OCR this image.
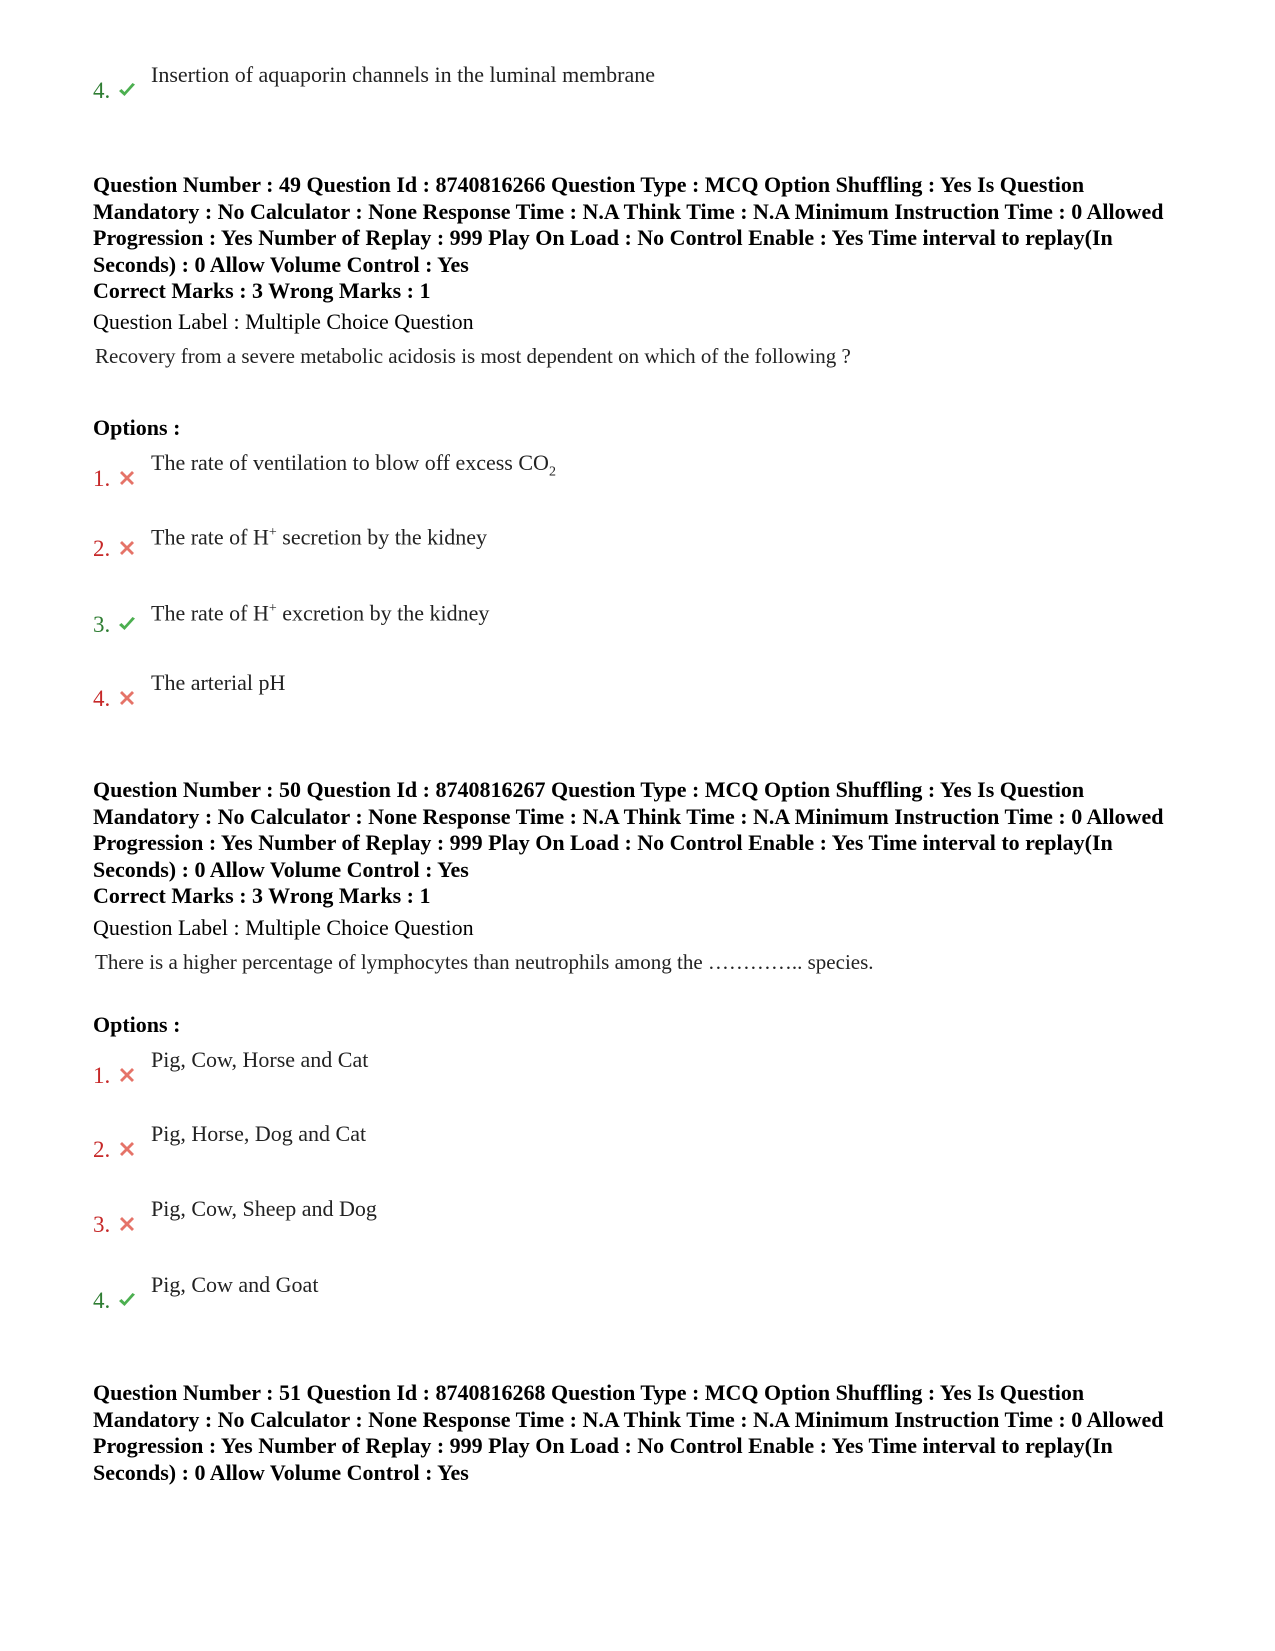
4.
Insertion of aquaporin channels in the luminal membrane
Question Number : 49 Question Id : 8740816266 Question Type : MCQ Option Shuffling : Yes Is Question Mandatory : No Calculator : None Response Time : N.A Think Time : N.A Minimum Instruction Time : 0 Allowed Progression : Yes Number of Replay : 999 Play On Load : No Control Enable : Yes Time interval to replay(In Seconds) : 0 Allow Volume Control : Yes
Correct Marks : 3 Wrong Marks : 1
Question Label : Multiple Choice Question
Recovery from a severe metabolic acidosis is most dependent on which of the following ?
Options :
1.
The rate of ventilation to blow off excess $CO_2$
2. The rate of H+ secretion by the kidney
3. The rate of H+ excretion by the kidney
4.
The arterial pH
Question Number : 50 Question Id : 8740816267 Question Type : MCQ Option Shuffling : Yes Is Question Mandatory : No Calculator : None Response Time : N.A Think Time : N.A Minimum Instruction Time : 0 Allowed Progression : Yes Number of Replay : 999 Play On Load : No Control Enable : Yes Time interval to replay(In Seconds) : 0 Allow Volume Control : Yes
Correct Marks : 3 Wrong Marks : 1
Question Label : Multiple Choice Question
There is a higher percentage of lymphocytes than neutrophils among the ………….. species.
Options :
1.
Pig, Cow, Horse and Cat
2.
Pig, Horse, Dog and Cat
3.
Pig, Cow, Sheep and Dog
4.
Pig, Cow and Goat
Question Number : 51 Question Id : 8740816268 Question Type : MCQ Option Shuffling : Yes Is Question Mandatory : No Calculator : None Response Time : N.A Think Time : N.A Minimum Instruction Time : 0 Allowed Progression : Yes Number of Replay : 999 Play On Load : No Control Enable : Yes Time interval to replay(In Seconds) : 0 Allow Volume Control : Yes
